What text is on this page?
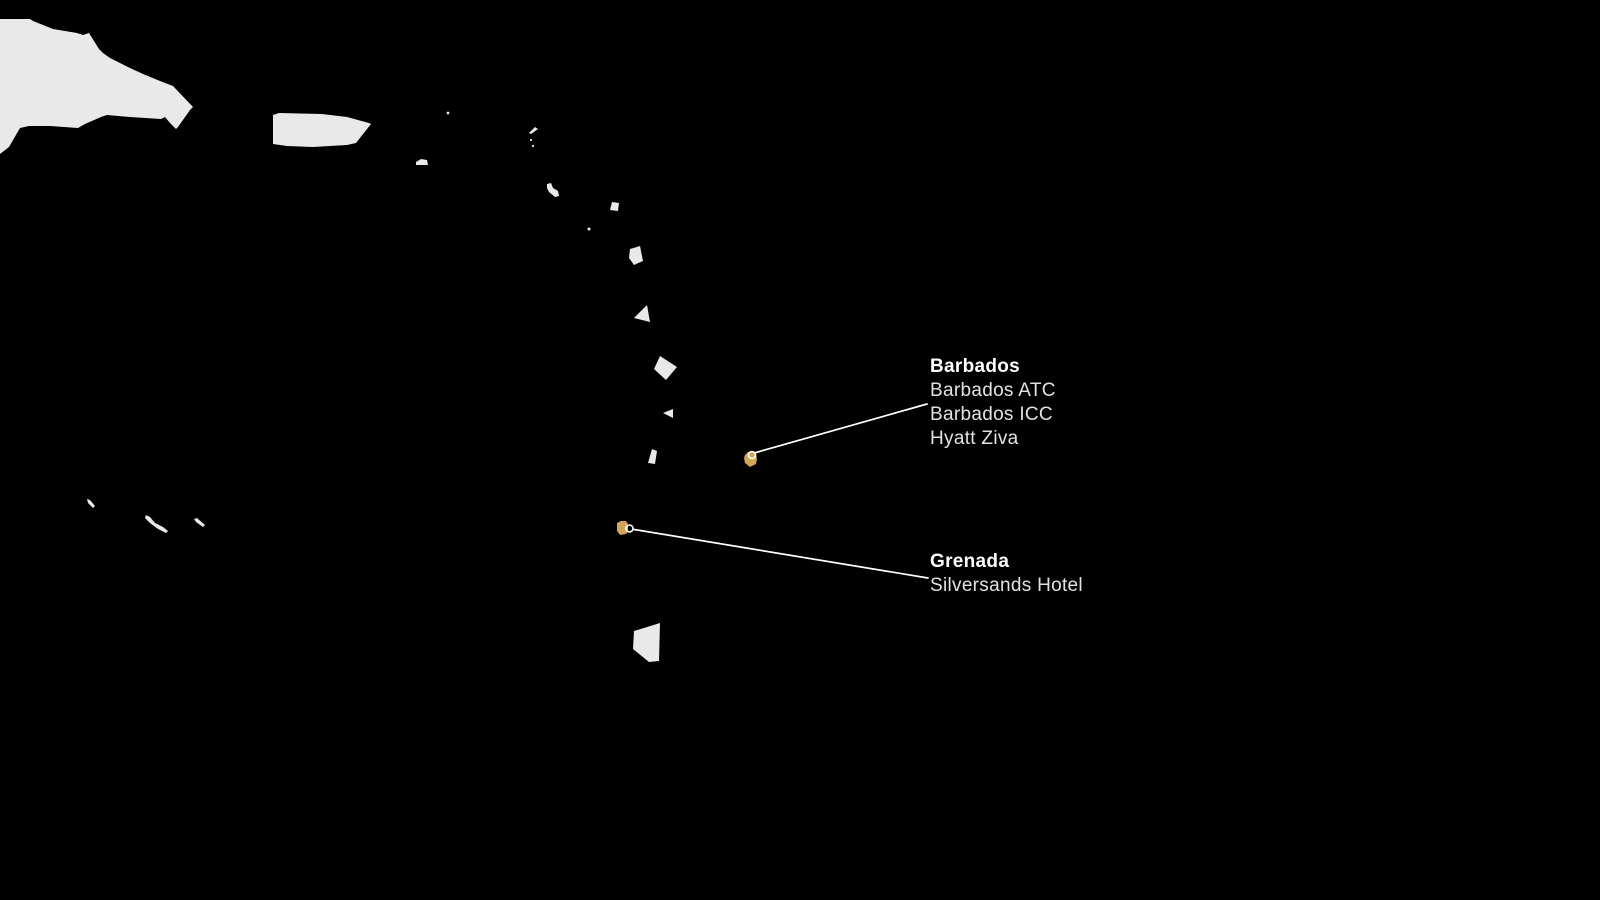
Barbados
Barbados ATC
Barbados ICC
Hyatt Ziva
Grenada
Silversands Hotel
